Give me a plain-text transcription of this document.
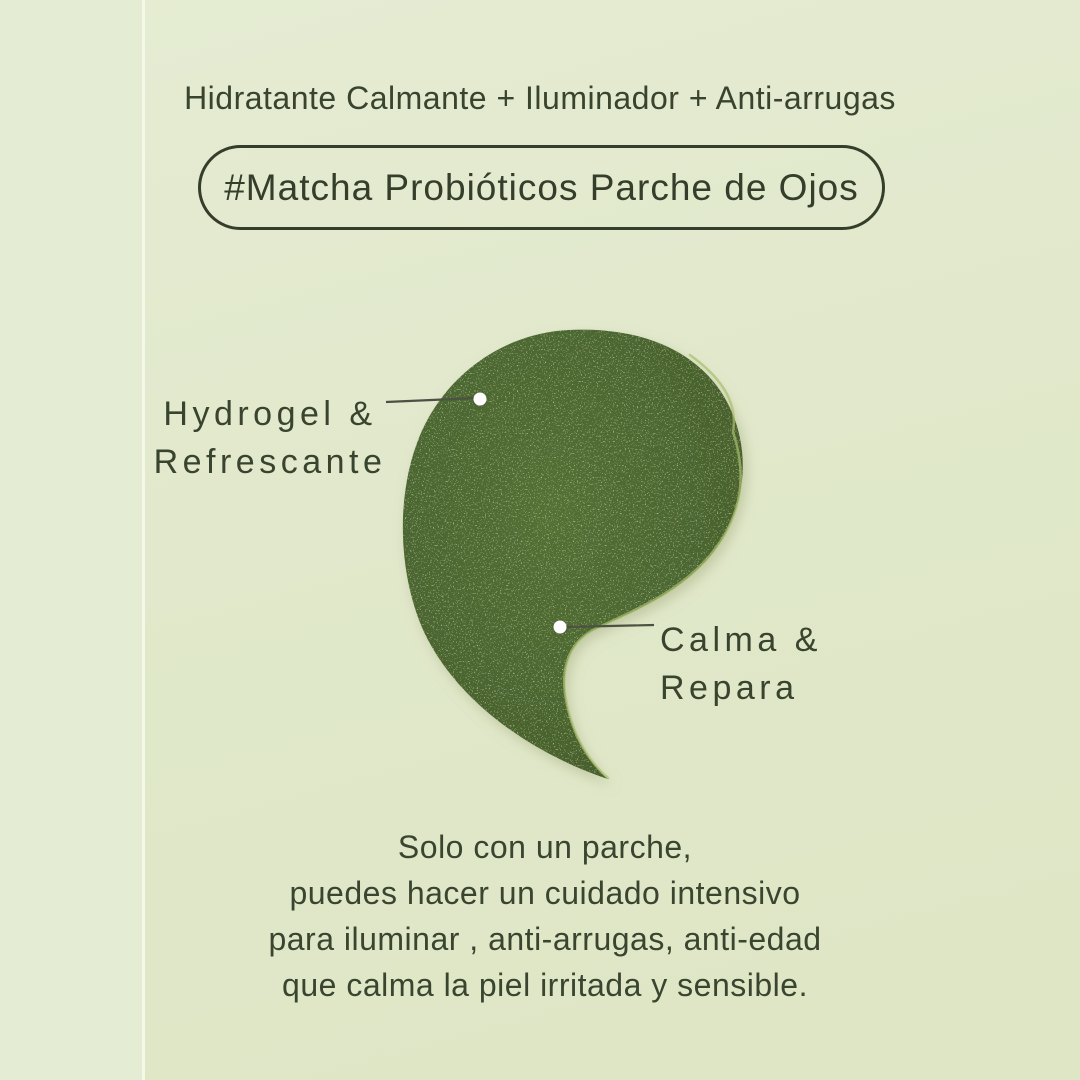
Hidratante Calmante + Iluminador + Anti-arrugas
#Matcha Probióticos Parche de Ojos
Hydrogel &
Refrescante
Calma &
Repara
Solo con un parche,
puedes hacer un cuidado intensivo
para iluminar , anti-arrugas, anti-edad
que calma la piel irritada y sensible.
